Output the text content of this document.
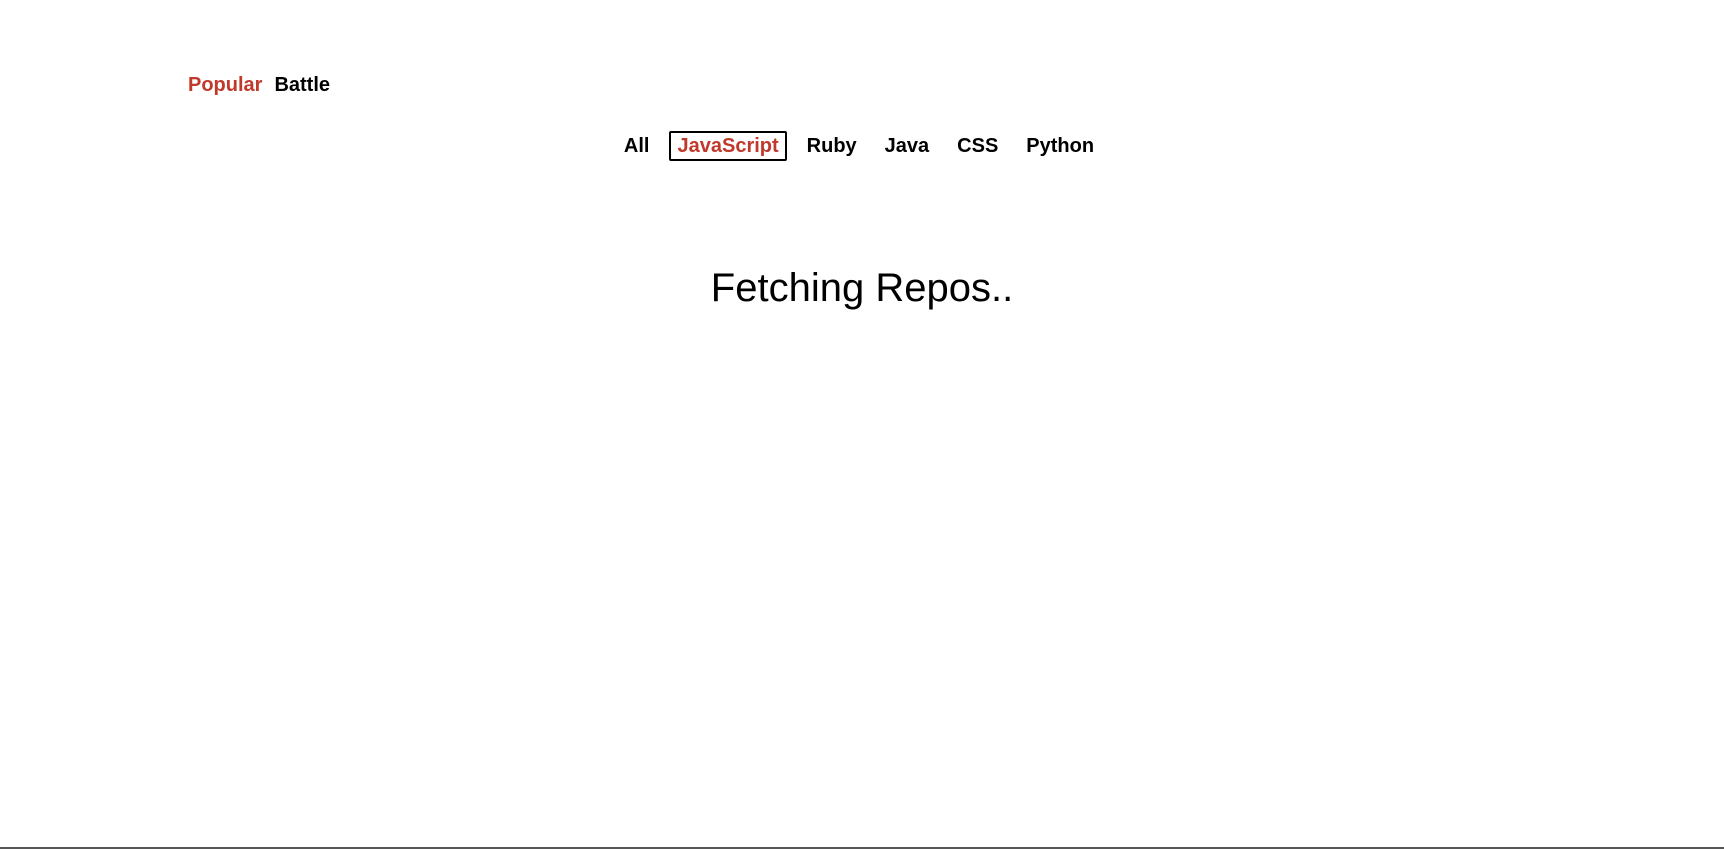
Popular Battle
All	JavaScript	Ruby	Java	CSS	Python

Fetching Repos..
